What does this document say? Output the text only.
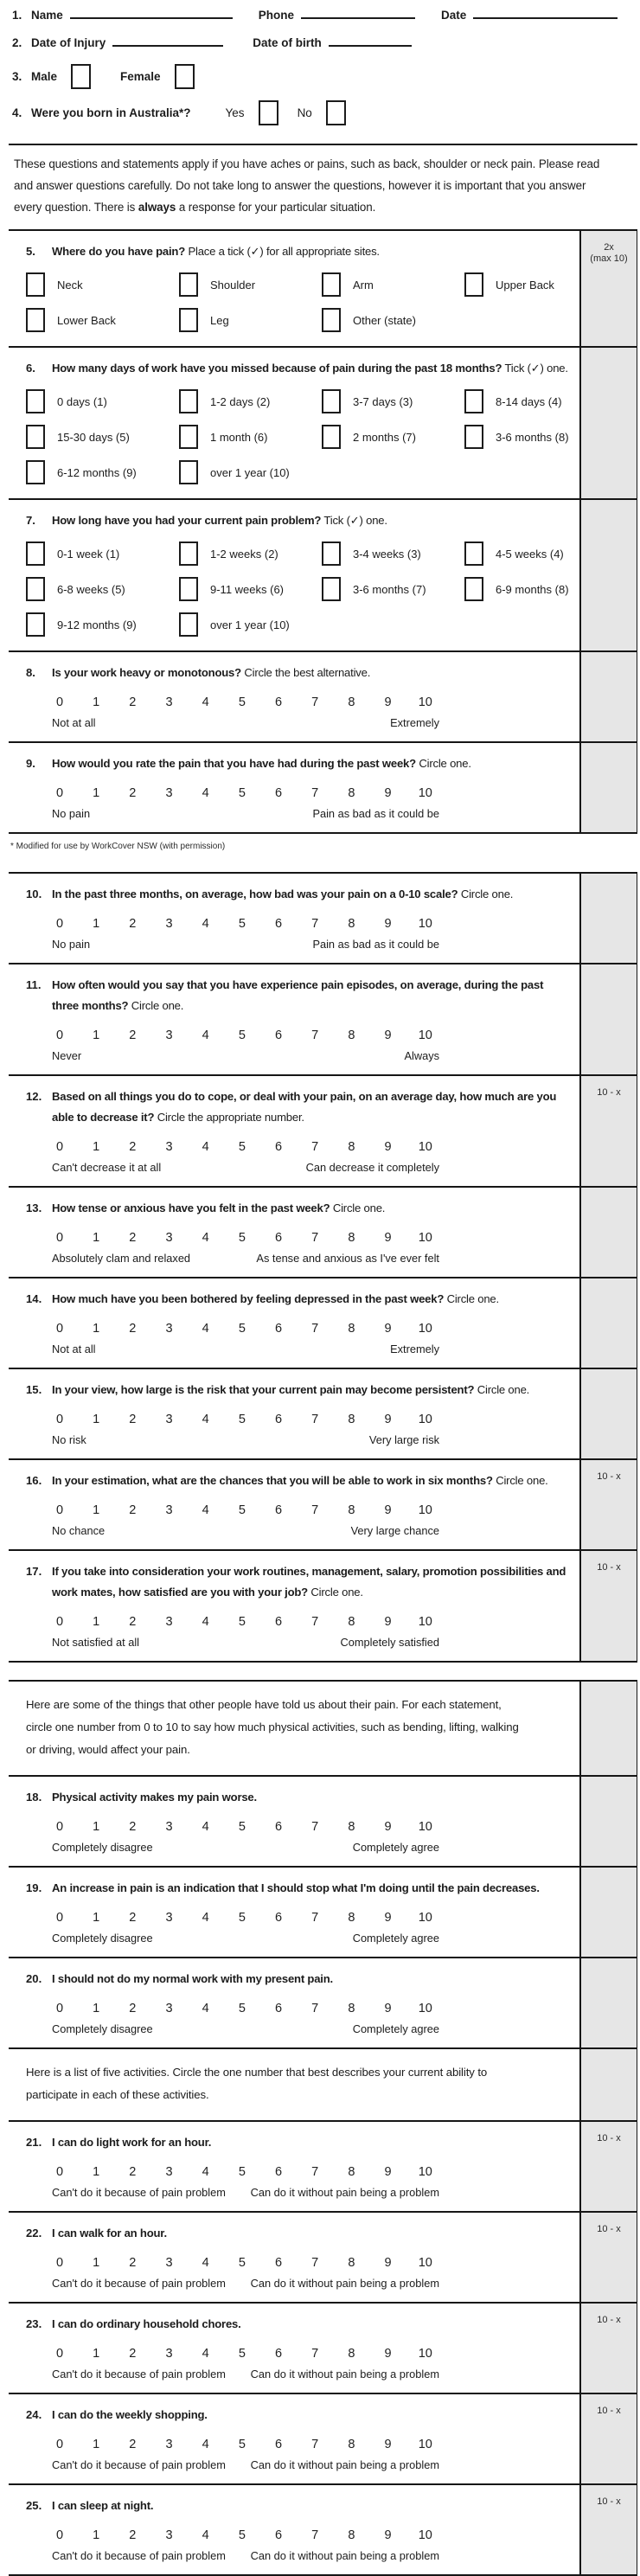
1. Name	Phone	Date
2. Date of Injury	Date of birth
3. Male	Female
4. Were you born in Australia*?	Yes	No
These questions and statements apply if you have aches or pains, such as back, shoulder or neck pain. Please read and answer questions carefully. Do not take long to answer the questions, however it is important that you answer every question. There is always a response for your particular situation.
5.	Where do you have pain? Place a tick (✓) for all appropriate sites.
Neck	Shoulder	Arm	Upper Back
Lower Back	Leg	Other (state)
2x
(max 10)
6.	How many days of work have you missed because of pain during the past 18 months? Tick (✓) one.
0 days (1)	1-2 days (2)	3-7 days (3)	8-14 days (4)
15-30 days (5)	1 month (6)	2 months (7)	3-6 months (8)
6-12 months (9)	over 1 year (10)
7.	How long have you had your current pain problem? Tick (✓) one.
0-1 week (1)	1-2 weeks (2)	3-4 weeks (3)	4-5 weeks (4)
6-8 weeks (5)	9-11 weeks (6)	3-6 months (7)	6-9 months (8)
9-12 months (9)	over 1 year (10)
8.	Is your work heavy or monotonous? Circle the best alternative.
0 1 2 3 4 5 6 7 8 9 10
Not at all	Extremely
9.	How would you rate the pain that you have had during the past week? Circle one.
0 1 2 3 4 5 6 7 8 9 10
No pain	Pain as bad as it could be
* Modified for use by WorkCover NSW (with permission)
10. In the past three months, on average, how bad was your pain on a 0-10 scale? Circle one.
0 1 2 3 4 5 6 7 8 9 10
No pain	Pain as bad as it could be
11. How often would you say that you have experience pain episodes, on average, during the past three months? Circle one.
0 1 2 3 4 5 6 7 8 9 10
Never	Always
12. Based on all things you do to cope, or deal with your pain, on an average day, how much are you able to decrease it? Circle the appropriate number.
0 1 2 3 4 5 6 7 8 9 10
Can't decrease it at all	Can decrease it completely
10 - x
13. How tense or anxious have you felt in the past week? Circle one.
0 1 2 3 4 5 6 7 8 9 10
Absolutely clam and relaxed	As tense and anxious as I've ever felt
14. How much have you been bothered by feeling depressed in the past week? Circle one.
0 1 2 3 4 5 6 7 8 9 10
Not at all	Extremely
15. In your view, how large is the risk that your current pain may become persistent? Circle one.
0 1 2 3 4 5 6 7 8 9 10
No risk	Very large risk
16. In your estimation, what are the chances that you will be able to work in six months? Circle one.
0 1 2 3 4 5 6 7 8 9 10
No chance	Very large chance
10 - x
17. If you take into consideration your work routines, management, salary, promotion possibilities and work mates, how satisfied are you with your job? Circle one.
0 1 2 3 4 5 6 7 8 9 10
Not satisfied at all	Completely satisfied
10 - x
Here are some of the things that other people have told us about their pain. For each statement, circle one number from 0 to 10 to say how much physical activities, such as bending, lifting, walking or driving, would affect your pain.
18. Physical activity makes my pain worse.
0 1 2 3 4 5 6 7 8 9 10
Completely disagree	Completely agree
19. An increase in pain is an indication that I should stop what I'm doing until the pain decreases.
0 1 2 3 4 5 6 7 8 9 10
Completely disagree	Completely agree
20. I should not do my normal work with my present pain.
0 1 2 3 4 5 6 7 8 9 10
Completely disagree	Completely agree
Here is a list of five activities. Circle the one number that best describes your current ability to participate in each of these activities.
21. I can do light work for an hour.
0 1 2 3 4 5 6 7 8 9 10
Can't do it because of pain problem Can do it without pain being a problem
10 - x
22. I can walk for an hour.
0 1 2 3 4 5 6 7 8 9 10
Can't do it because of pain problem Can do it without pain being a problem
10 - x
23. I can do ordinary household chores.
0 1 2 3 4 5 6 7 8 9 10
Can't do it because of pain problem Can do it without pain being a problem
10 - x
24. I can do the weekly shopping.
0 1 2 3 4 5 6 7 8 9 10
Can't do it because of pain problem Can do it without pain being a problem
10 - x
25. I can sleep at night.
0 1 2 3 4 5 6 7 8 9 10
Can't do it because of pain problem Can do it without pain being a problem
10 - x
